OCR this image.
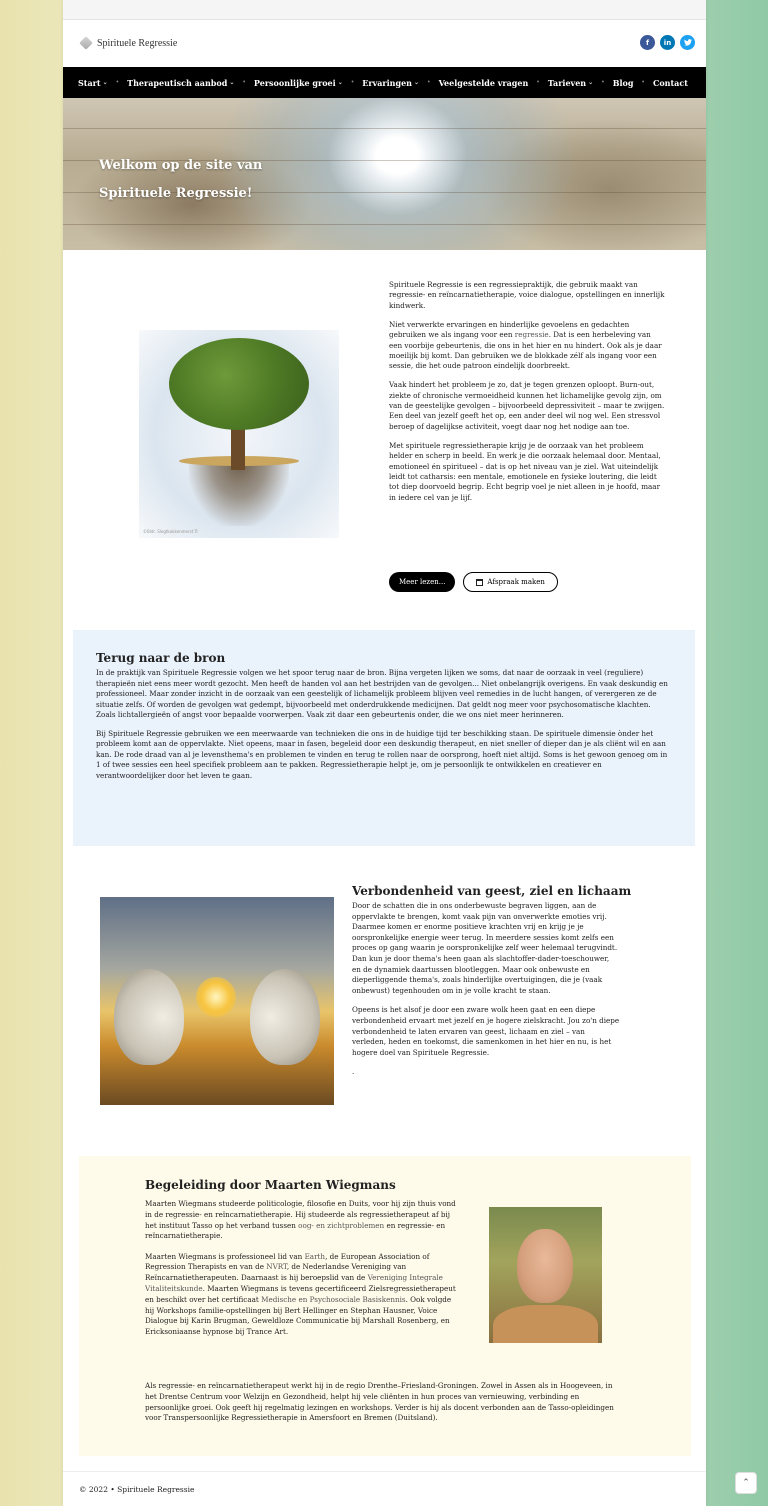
Spirituele Regressie	f	in
Start ⌄ • Therapeutisch aanbod ⌄ • Persoonlijke groei ⌄ • Ervaringen ⌄ • Veelgestelde vragen • Tarieven ⌄ • Blog • Contact
Welkom op de site van
Spirituele Regressie!
©Bldr. Slegtkakk​enmerst Tr

Spirituele Regressie is een regressiepraktijk, die gebruik maakt van regressie- en reïncarnatietherapie, voice dialogue, opstellingen en innerlijk kindwerk.

Niet verwerkte ervaringen en hinderlijke gevoelens en gedachten gebruiken we als ingang voor een regressie. Dat is een herbeleving van een voorbije gebeurtenis, die ons in het hier en nu hindert. Ook als je daar moeilijk bij komt. Dan gebruiken we de blokkade zélf als ingang voor een sessie, die het oude patroon eindelijk doorbreekt.

Vaak hindert het probleem je zo, dat je tegen grenzen oploopt. Burn-out, ziekte of chronische vermoeidheid kunnen het lichamelijke gevolg zijn, om van de geestelijke gevolgen – bijvoorbeeld depressiviteit – maar te zwijgen. Een deel van jezelf geeft het op, een ander deel wil nog wel. Een stressvol beroep of dagelijkse activiteit, voegt daar nog het nodige aan toe.

Met spirituele regressietherapie krijg je de oorzaak van het probleem helder en scherp in beeld. En werk je die oorzaak helemaal door. Mentaal, emotioneel én spiritueel – dat is op het niveau van je ziel. Wat uiteindelijk leidt tot catharsis: een mentale, emotionele en fysieke loutering, die leidt tot diep doorvoeld begrip. Echt begrip voel je niet alleen in je hoofd, maar in iedere cel van je lijf.

Meer lezen...	Afspraak maken
Terug naar de bron

In de praktijk van Spirituele Regressie volgen we het spoor terug naar de bron. Bijna vergeten lijken we soms, dat naar de oorzaak in veel (reguliere) therapieën niet eens meer wordt gezocht. Men heeft de handen vol aan het bestrijden van de gevolgen... Niet onbelangrijk overigens. En vaak deskundig en professioneel. Maar zonder inzicht in de oorzaak van een geestelijk of lichamelijk probleem blijven veel remedies in de lucht hangen, of verergeren ze de situatie zelfs. Of worden de gevolgen wat gedempt, bijvoorbeeld met onderdrukkende medicijnen. Dat geldt nog meer voor psychosomatische klachten. Zoals lichtallergieën of angst voor bepaalde voorwerpen. Vaak zit daar een gebeurtenis onder, die we ons niet meer herinneren.

Bij Spirituele Regressie gebruiken we een meerwaarde van technieken die ons in de huidige tijd ter beschikking staan. De spirituele dimensie ònder het probleem komt aan de oppervlakte. Niet opeens, maar in fasen, begeleid door een deskundig therapeut, en niet sneller of dieper dan je als cliënt wil en aan kan. De rode draad van al je levensthema's en problemen te vinden en terug te rollen naar de oorsprong, hoeft niet altijd. Soms is het gewoon genoeg om in 1 of twee sessies een heel specifiek probleem aan te pakken. Regressietherapie helpt je, om je persoonlijk te ontwikkelen en creatiever en verantwoordelijker door het leven te gaan.

Verbondenheid van geest, ziel en lichaam

Door de schatten die in ons onderbewuste begraven liggen, aan de oppervlakte te brengen, komt vaak pijn van onverwerkte emoties vrij. Daarmee komen er enorme positieve krachten vrij en krijg je je oorspronkelijke energie weer terug. In meerdere sessies komt zelfs een proces op gang waarin je oorspronkelijke zelf weer helemaal terugvindt. Dan kun je door thema's heen gaan als slachtoffer-dader-toeschouwer, en de dynamiek daartussen blootleggen. Maar ook onbewuste en dieperliggende thema's, zoals hinderlijke overtuigingen, die je (vaak onbewust) tegenhouden om in je volle kracht te staan.

Opeens is het alsof je door een zware wolk heen gaat en een diepe verbondenheid ervaart met jezelf en je hogere zielskracht. Jou zo'n diepe verbondenheid te laten ervaren van geest, lichaam en ziel – van verleden, heden en toekomst, die samenkomen in het hier en nu, is het hogere doel van Spirituele Regressie.

.

Begeleiding door Maarten Wiegmans

Maarten Wiegmans studeerde politicologie, filosofie en Duits, voor hij zijn thuis vond in de regressie- en reïncarnatietherapie. Hij studeerde als regressietherapeut af bij het instituut Tasso op het verband tussen oog- en zichtproblemen en regressie- en reïncarnatietherapie.

Maarten Wiegmans is professioneel lid van Earth, de European Association of Regression Therapists en van de NVRT, de Nederlandse Vereniging van Reïncarnatietherapeuten. Daarnaast is hij beroepslid van de Vereniging Integrale Vitaliteitskunde. Maarten Wiegmans is tevens gecertificeerd Zielsregressietherapeut en beschikt over het certificaat Medische en Psychosociale Basiskennis. Ook volgde hij Workshops familie-opstellingen bij Bert Hellinger en Stephan Hausner, Voice Dialogue bij Karin Brugman, Geweldloze Communicatie bij Marshall Rosenberg, en Ericksoniaanse hypnose bij Trance Art.

Als regressie- en reïncarnatietherapeut werkt hij in de regio Drenthe–Friesland-Groningen. Zowel in Assen als in Hoogeveen, in het Drentse Centrum voor Welzijn en Gezondheid, helpt hij vele cliënten in hun proces van vernieuwing, verbinding en persoonlijke groei. Ook geeft hij regelmatig lezingen en workshops. Verder is hij als docent verbonden aan de Tasso-opleidingen voor Transpersoonlijke Regressietherapie in Amersfoort en Bremen (Duitsland).
© 2022 • Spirituele Regressie
⌃
